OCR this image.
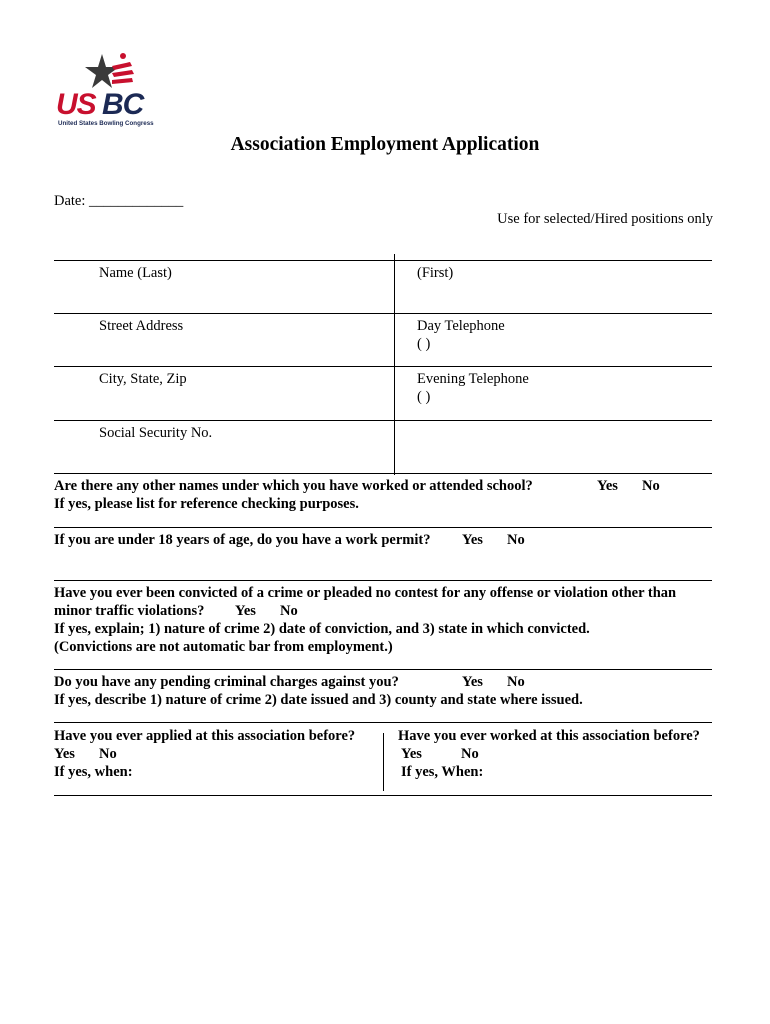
US BC
United States Bowling Congress
Association Employment Application
Date: _____________
Use for selected/Hired positions only
Name (Last)	(First)
Street Address	Day Telephone
( )
City, State, Zip	Evening Telephone
( )
Social Security No.
Are there any other names under which you have worked or attended school?	Yes No
If yes, please list for reference checking purposes.
If you are under 18 years of age, do you have a work permit? Yes No
Have you ever been convicted of a crime or pleaded no contest for any offense or violation other than
minor traffic violations? Yes No
If yes, explain; 1) nature of crime 2) date of conviction, and 3) state in which convicted.
(Convictions are not automatic bar from employment.)
Do you have any pending criminal charges against you?	Yes No
If yes, describe 1) nature of crime 2) date issued and 3) county and state where issued.
Have you ever applied at this association before?
Yes No
If yes, when:
Have you ever worked at this association before?
Yes	No
If yes, When:
